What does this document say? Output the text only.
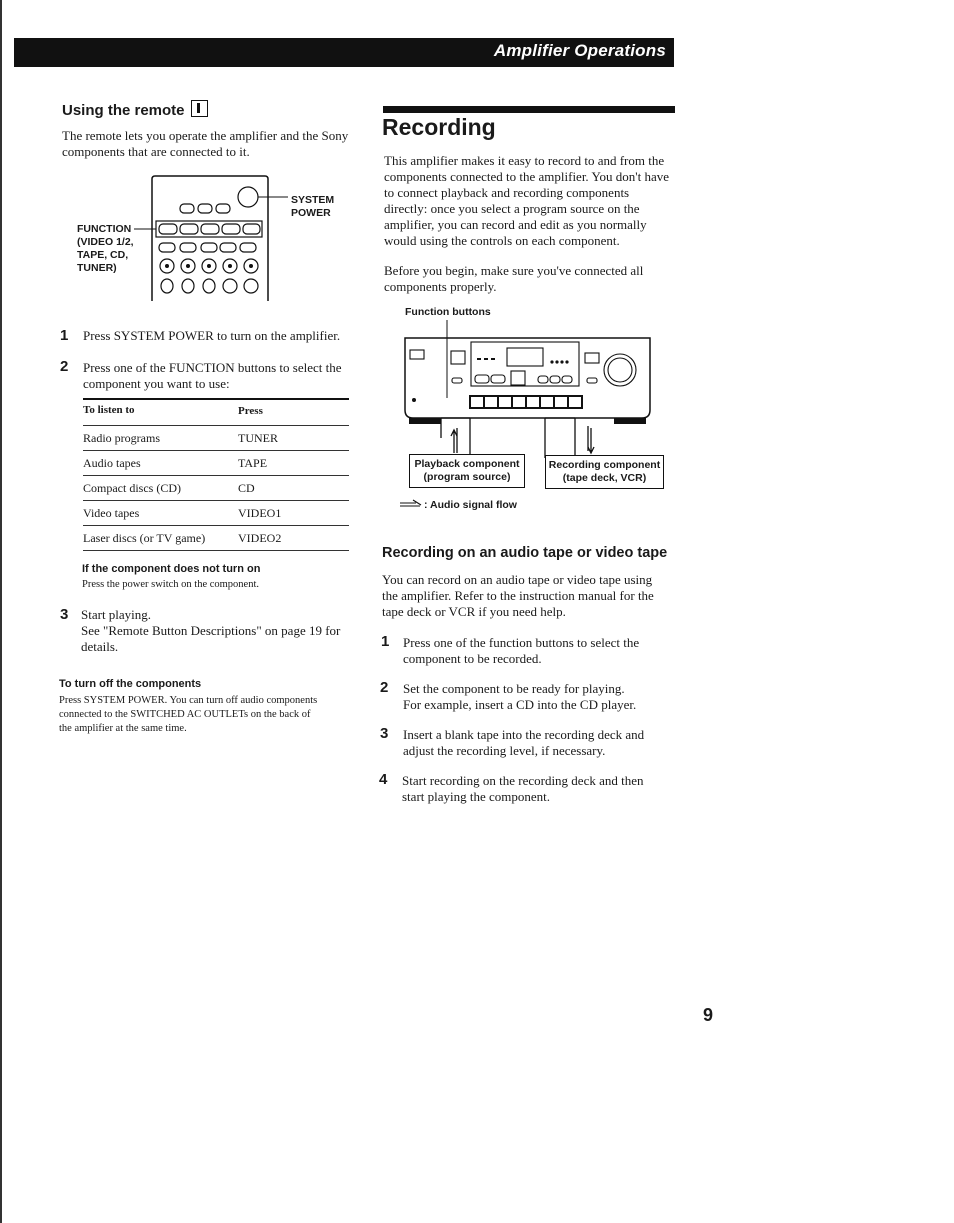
Amplifier Operations
Using the remote
The remote lets you operate the amplifier and the Sony
components that are connected to it.
FUNCTION
(VIDEO 1/2,
TAPE, CD,
TUNER)
SYSTEM
POWER
1 Press SYSTEM POWER to turn on the amplifier.
2 Press one of the FUNCTION buttons to select the
component you want to use:
To listen to	Press
Radio programs	TUNER
Audio tapes	TAPE
Compact discs (CD)	CD
Video tapes	VIDEO1
Laser discs (or TV game)	VIDEO2
If the component does not turn on
Press the power switch on the component.
3 Start playing.
See "Remote Button Descriptions" on page 19 for
details.
To turn off the components
Press SYSTEM POWER. You can turn off audio components
connected to the SWITCHED AC OUTLETs on the back of
the amplifier at the same time.
Recording
This amplifier makes it easy to record to and from the
components connected to the amplifier. You don't have
to connect playback and recording components
directly: once you select a program source on the
amplifier, you can record and edit as you normally
would using the controls on each component.
Before you begin, make sure you've connected all
components properly.
Function buttons
Playback component
(program source)
Recording component
(tape deck, VCR)
: Audio signal flow
Recording on an audio tape or video tape
You can record on an audio tape or video tape using
the amplifier. Refer to the instruction manual for the
tape deck or VCR if you need help.
1 Press one of the function buttons to select the
component to be recorded.
2 Set the component to be ready for playing.
For example, insert a CD into the CD player.
3 Insert a blank tape into the recording deck and
adjust the recording level, if necessary.
4 Start recording on the recording deck and then
start playing the component.
9
